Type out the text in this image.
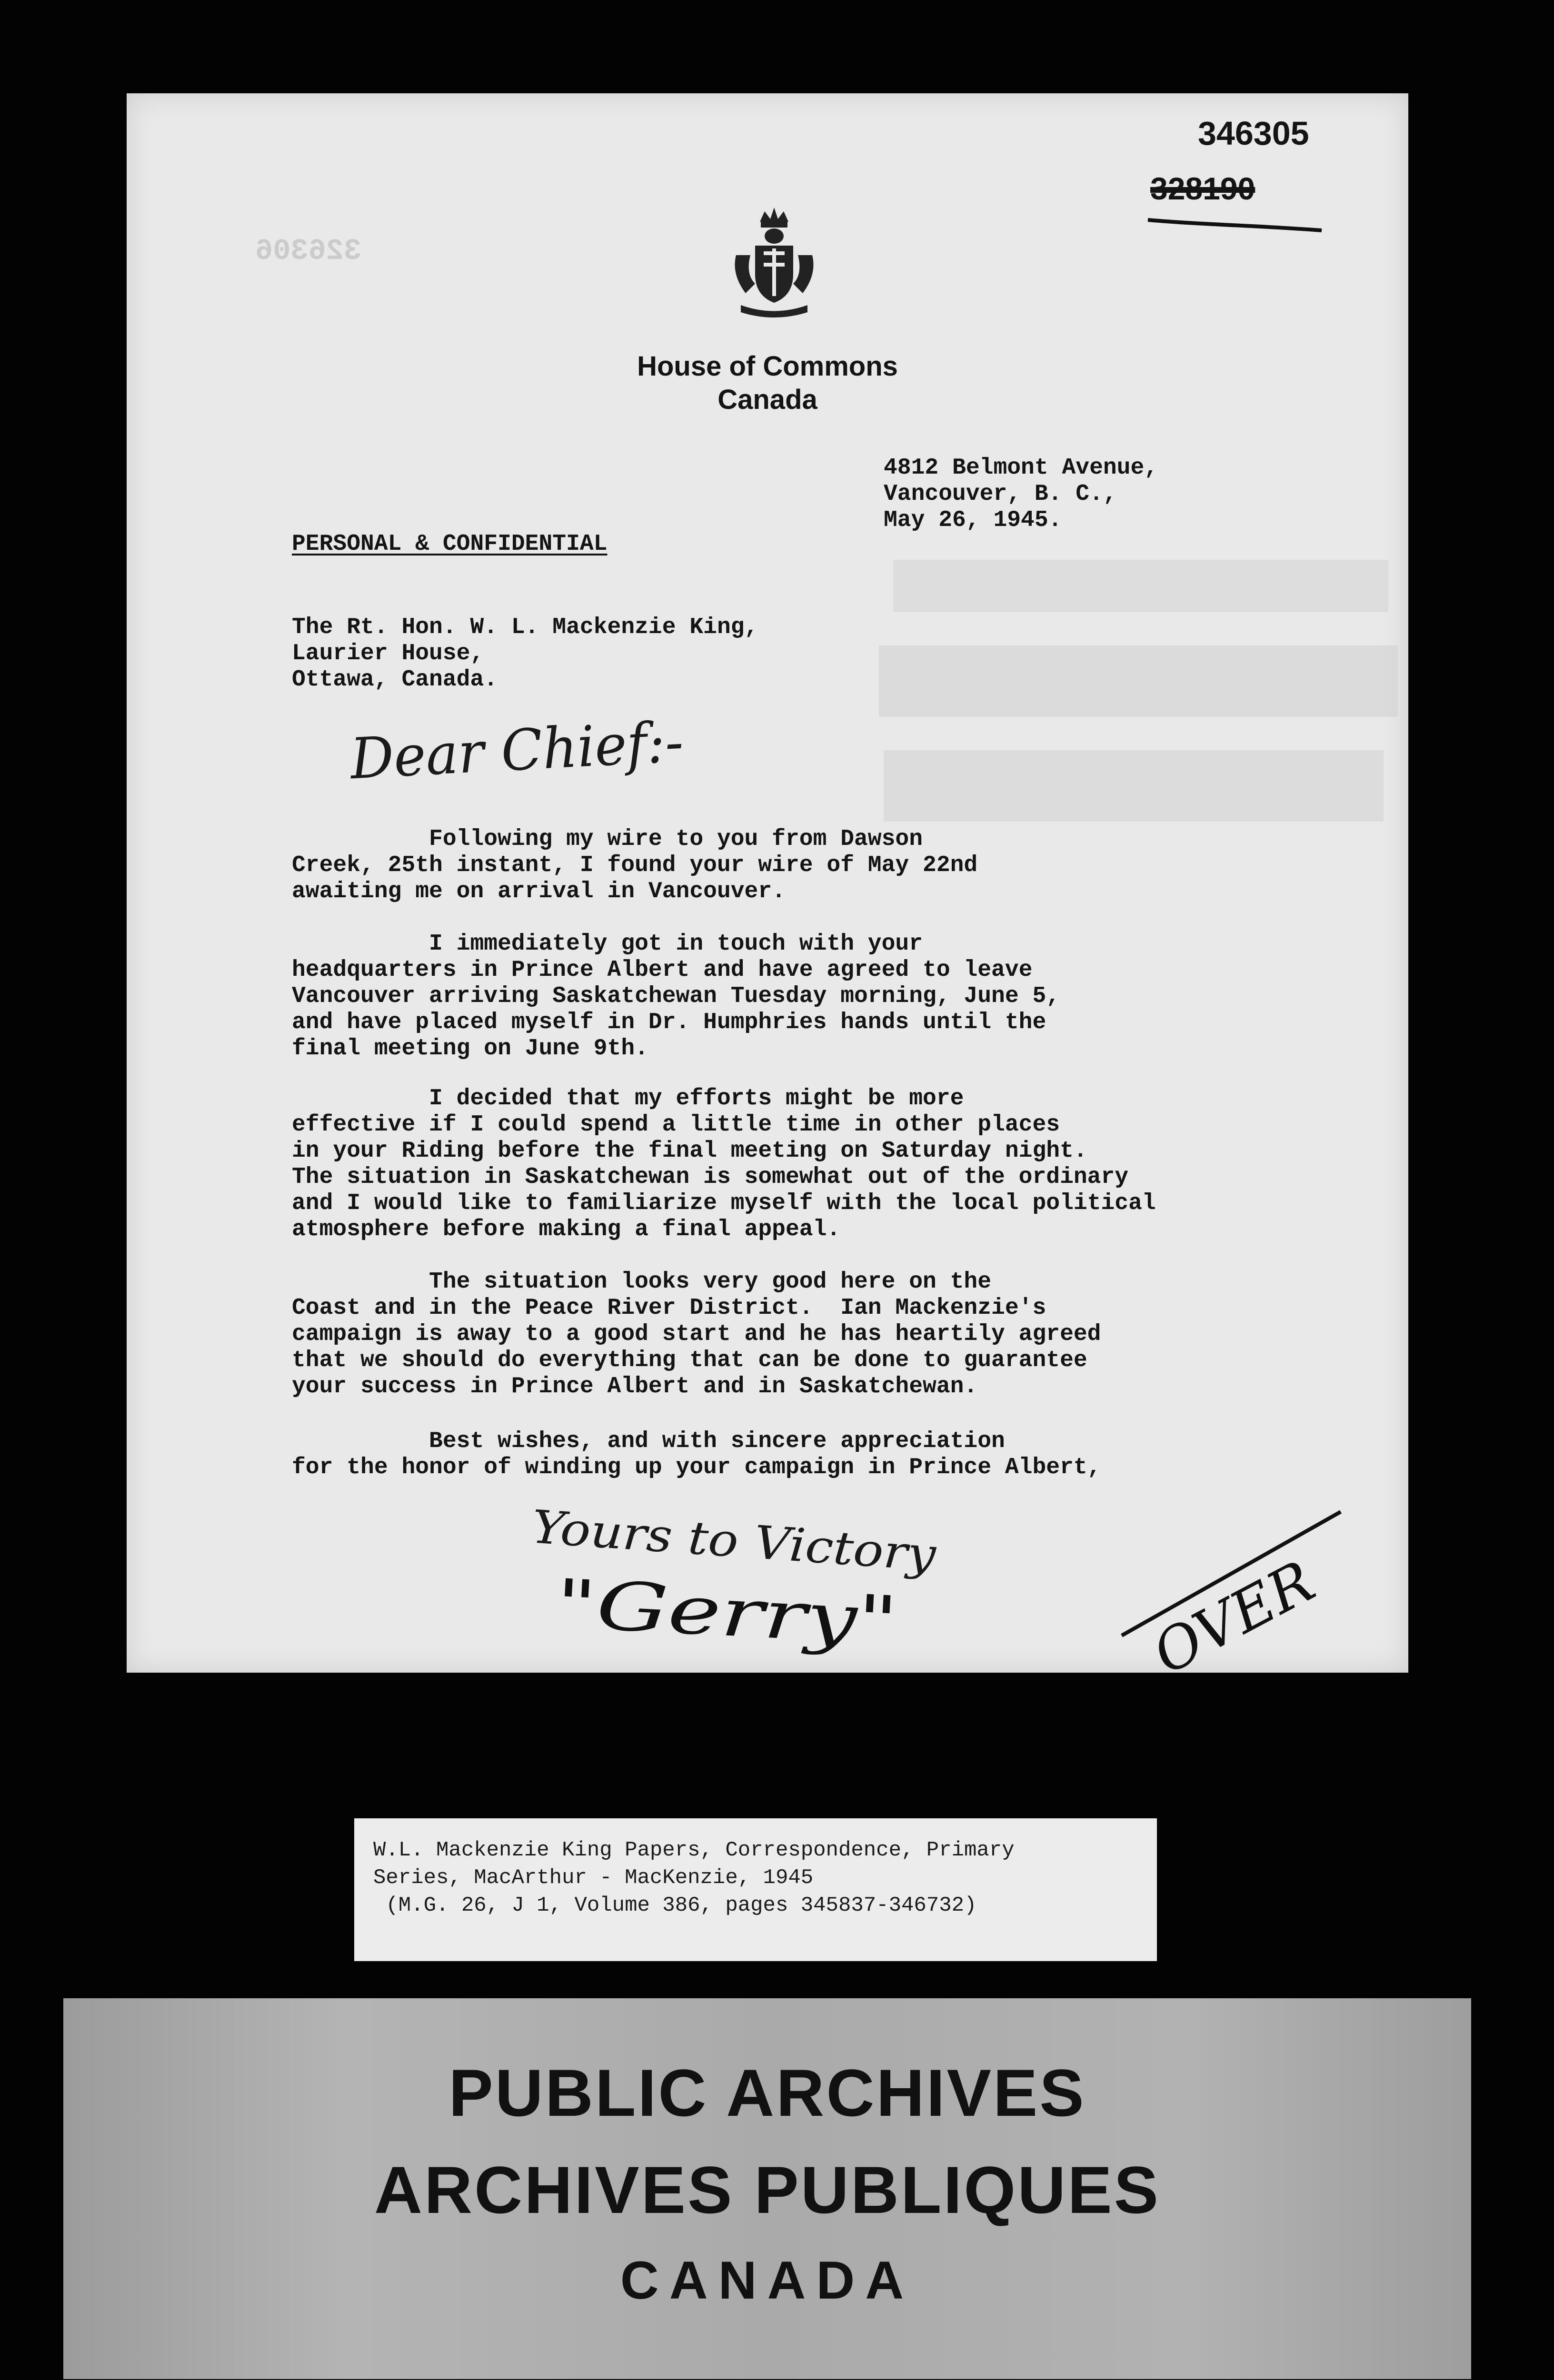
326306
346305
328190
House of Commons
Canada
4812 Belmont Avenue,
Vancouver, B. C.,
May 26, 1945.
PERSONAL & CONFIDENTIAL
The Rt. Hon. W. L. Mackenzie King,
Laurier House,
Ottawa, Canada.
Dear Chief:-
Following my wire to you from Dawson
Creek, 25th instant, I found your wire of May 22nd
awaiting me on arrival in Vancouver.
I immediately got in touch with your
headquarters in Prince Albert and have agreed to leave
Vancouver arriving Saskatchewan Tuesday morning, June 5,
and have placed myself in Dr. Humphries hands until the
final meeting on June 9th.
I decided that my efforts might be more
effective if I could spend a little time in other places
in your Riding before the final meeting on Saturday night.
The situation in Saskatchewan is somewhat out of the ordinary
and I would like to familiarize myself with the local political
atmosphere before making a final appeal.
The situation looks very good here on the
Coast and in the Peace River District.  Ian Mackenzie's
campaign is away to a good start and he has heartily agreed
that we should do everything that can be done to guarantee
your success in Prince Albert and in Saskatchewan.
Best wishes, and with sincere appreciation
for the honor of winding up your campaign in Prince Albert,
Yours to Victory
"Gerry"	OVER
W.L. Mackenzie King Papers, Correspondence, Primary
Series, MacArthur - MacKenzie, 1945
(M.G. 26, J 1, Volume 386, pages 345837-346732)
PUBLIC ARCHIVES
ARCHIVES PUBLIQUES
CANADA
